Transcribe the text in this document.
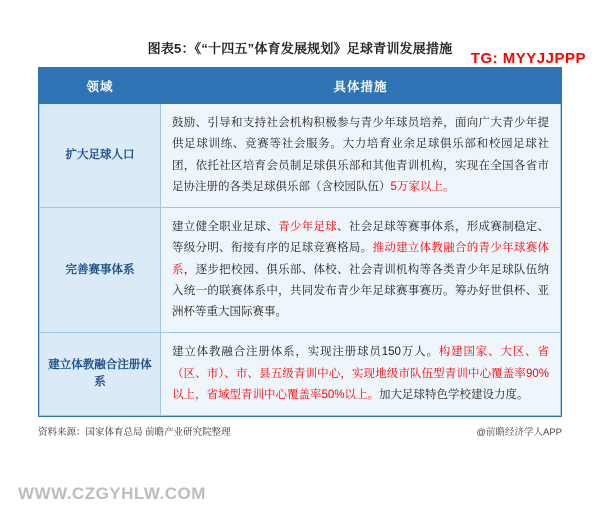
TG: MYYJJPPP
图表5：《“十四五”体育发展规划》足球青训发展措施
领域	具体措施
扩大足球人口	鼓励、引导和支持社会机构积极参与青少年球员培养，面向广大青少年提供足球训练、竞赛等社会服务。大力培育业余足球俱乐部和校园足球社团，依托社区培育会员制足球俱乐部和其他青训机构，实现在全国各省市足协注册的各类足球俱乐部（含校园队伍）5万家以上。
完善赛事体系	建立健全职业足球、青少年足球、社会足球等赛事体系，形成赛制稳定、等级分明、衔接有序的足球竞赛格局。推动建立体教融合的青少年球赛体系，逐步把校园、俱乐部、体校、社会青训机构等各类青少年足球队伍纳入统一的联赛体系中，共同发布青少年足球赛事赛历。筹办好世俱杯、亚洲杯等重大国际赛事。
建立体教融合注册体系	建立体教融合注册体系，实现注册球员150万人。构建国家、大区、省（区、市）、市、县五级青训中心，实现地级市队伍型青训中心覆盖率90%以上，省域型青训中心覆盖率50%以上。加大足球特色学校建设力度。
资料来源：国家体育总局 前瞻产业研究院整理	@前瞻经济学人APP
WWW.CZGYHLW.COM
